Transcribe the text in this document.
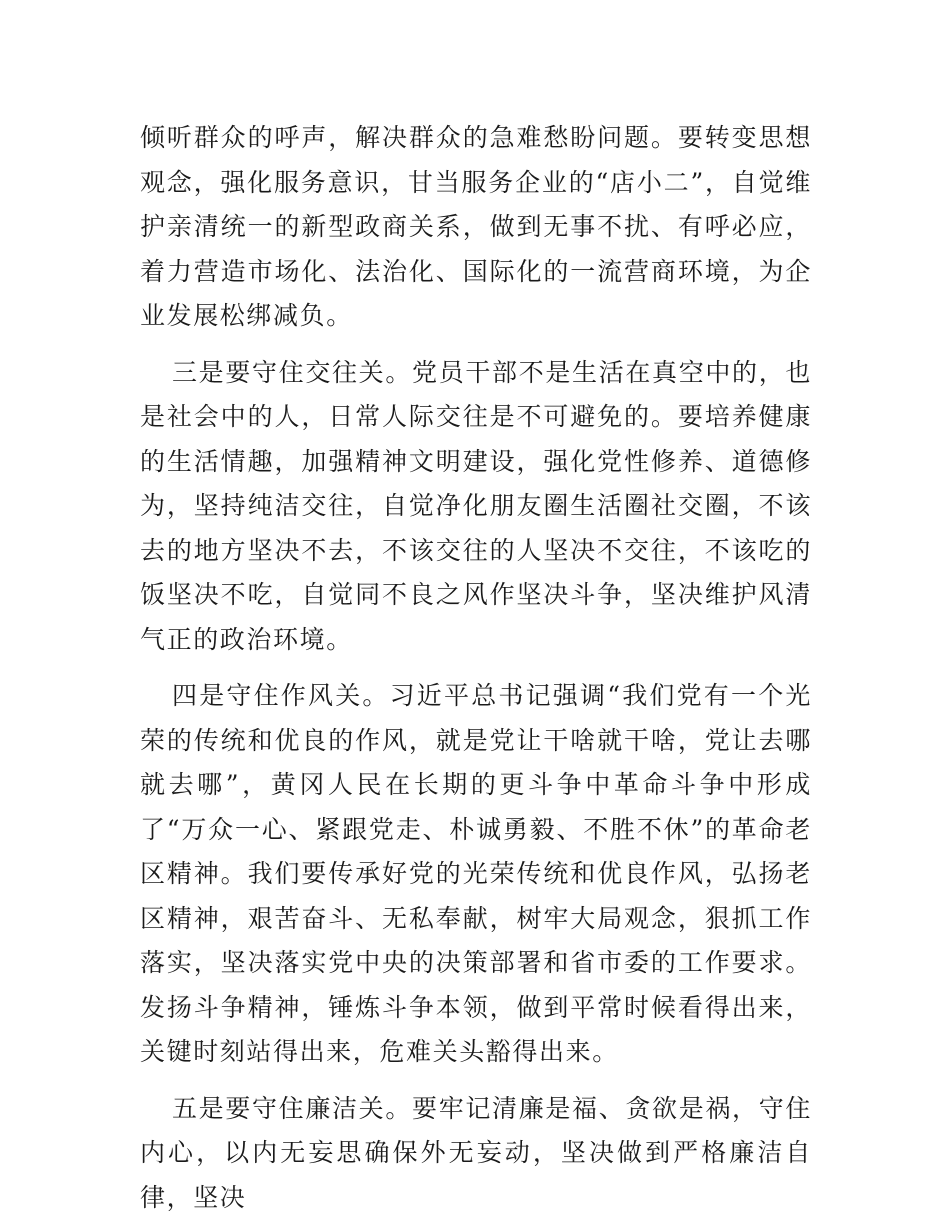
倾听群众的呼声，解决群众的急难愁盼问题。要转变思想观念，强化服务意识，甘当服务企业的“店小二”，自觉维护亲清统一的新型政商关系，做到无事不扰、有呼必应，着力营造市场化、法治化、国际化的一流营商环境，为企业发展松绑减负。

三是要守住交往关。党员干部不是生活在真空中的，也是社会中的人，日常人际交往是不可避免的。要培养健康的生活情趣，加强精神文明建设，强化党性修养、道德修为，坚持纯洁交往，自觉净化朋友圈生活圈社交圈，不该去的地方坚决不去，不该交往的人坚决不交往，不该吃的饭坚决不吃，自觉同不良之风作坚决斗争，坚决维护风清气正的政治环境。

四是守住作风关。习近平总书记强调“我们党有一个光荣的传统和优良的作风，就是党让干啥就干啥，党让去哪就去哪”，黄冈人民在长期的更斗争中革命斗争中形成了“万众一心、紧跟党走、朴诚勇毅、不胜不休”的革命老区精神。我们要传承好党的光荣传统和优良作风，弘扬老区精神，艰苦奋斗、无私奉献，树牢大局观念，狠抓工作落实，坚决落实党中央的决策部署和省市委的工作要求。发扬斗争精神，锤炼斗争本领，做到平常时候看得出来，关键时刻站得出来，危难关头豁得出来。

五是要守住廉洁关。要牢记清廉是福、贪欲是祸，守住内心，以内无妄思确保外无妄动，坚决做到严格廉洁自律，坚决
